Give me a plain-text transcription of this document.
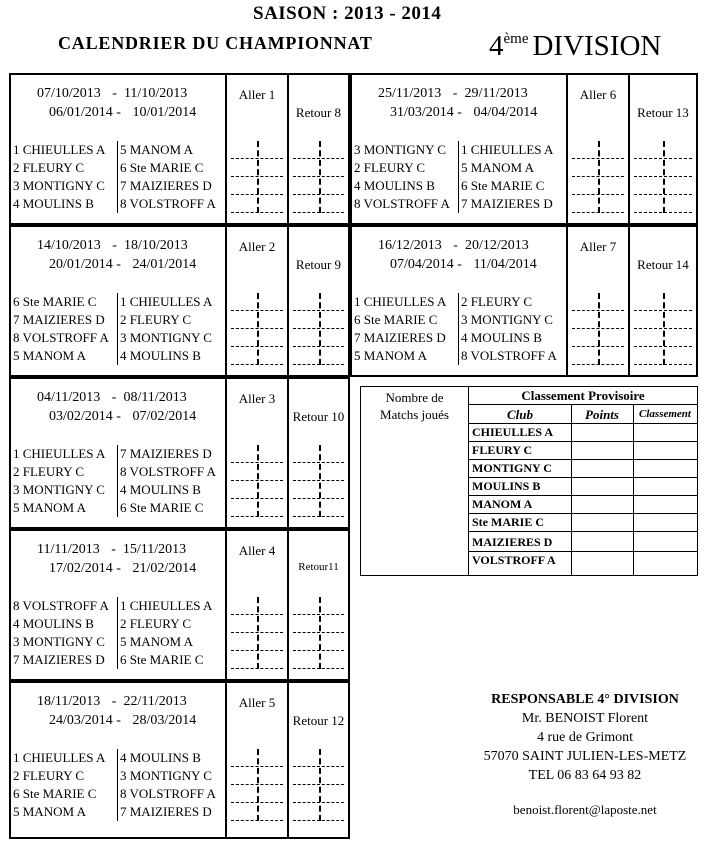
SAISON : 2013 - 2014
CALENDRIER DU CHAMPIONNAT	4ème DIVISION
07/10/2013 -  11/10/2013
06/01/2014 - 10/01/2014
1 CHIEULLES A 5 MANOM A
2 FLEURY C	6 Ste MARIE C
3 MONTIGNY C 7 MAIZIERES D
4 MOULINS B 8 VOLSTROFF A
Aller 1
Retour 8
25/11/2013 -  29/11/2013
31/03/2014 - 04/04/2014
3 MONTIGNY C 1 CHIEULLES A
2 FLEURY C	5 MANOM A
4 MOULINS B 6 Ste MARIE C
8 VOLSTROFF A 7 MAIZIERES D
Aller 6
Retour 13
14/10/2013 -  18/10/2013
20/01/2014 - 24/01/2014
6 Ste MARIE C 1 CHIEULLES A
7 MAIZIERES D 2 FLEURY C
8 VOLSTROFF A 3 MONTIGNY C
5 MANOM A	4 MOULINS B
Aller 2
Retour 9
16/12/2013 -  20/12/2013
07/04/2014 - 11/04/2014
1 CHIEULLES A 2 FLEURY C
6 Ste MARIE C 3 MONTIGNY C
7 MAIZIERES D 4 MOULINS B
5 MANOM A	8 VOLSTROFF A
Aller 7
Retour 14
04/11/2013 -  08/11/2013
03/02/2014 - 07/02/2014
1 CHIEULLES A 7 MAIZIERES D
2 FLEURY C	8 VOLSTROFF A
3 MONTIGNY C 4 MOULINS B
5 MANOM A	6 Ste MARIE C
Aller 3
Retour 10
11/11/2013 -  15/11/2013
17/02/2014 - 21/02/2014
8 VOLSTROFF A 1 CHIEULLES A
4 MOULINS B 2 FLEURY C
3 MONTIGNY C 5 MANOM A
7 MAIZIERES D 6 Ste MARIE C
Aller 4
Retour11
18/11/2013 -  22/11/2013
24/03/2014 - 28/03/2014
1 CHIEULLES A 4 MOULINS B
2 FLEURY C	3 MONTIGNY C
6 Ste MARIE C 8 VOLSTROFF A
5 MANOM A	7 MAIZIERES D
Aller 5
Retour 12
Nombre de
Matchs joués
Classement Provisoire
Club	Points	Classement
CHIEULLES A
FLEURY C
MONTIGNY C
MOULINS B
MANOM A
Ste MARIE C
MAIZIERES D
VOLSTROFF A
RESPONSABLE 4° DIVISION
Mr. BENOIST Florent
4 rue de Grimont
57070 SAINT JULIEN-LES-METZ
TEL 06 83 64 93 82
benoist.florent@laposte.net
